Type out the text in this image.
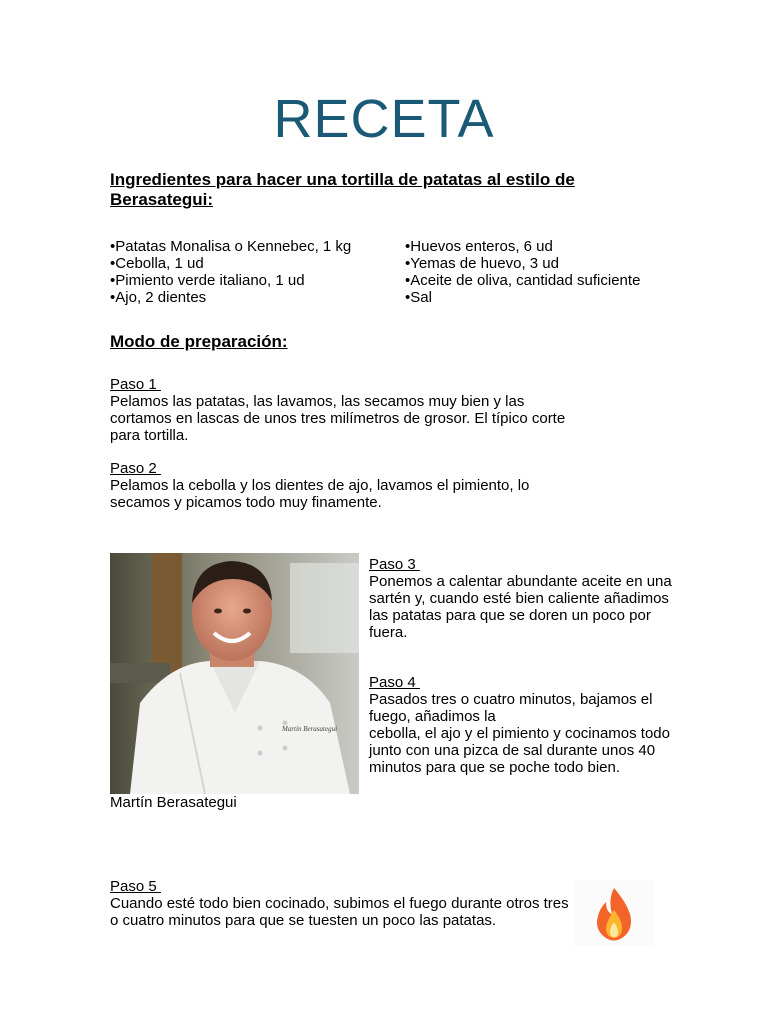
RECETA
Ingredientes para hacer una tortilla de patatas al estilo de Berasategui:
• Patatas Monalisa o Kennebec, 1 kg
• Cebolla, 1 ud
• Pimiento verde italiano, 1 ud
• Ajo, 2 dientes
• Huevos enteros, 6 ud
• Yemas de huevo, 3 ud
• Aceite de oliva, cantidad suficiente
• Sal
Modo de preparación:
Paso 1
Pelamos las patatas, las lavamos, las secamos muy bien y las cortamos en lascas de unos tres milímetros de grosor. El típico corte para tortilla.
Paso 2
Pelamos la cebolla y los dientes de ajo, lavamos el pimiento, lo secamos y picamos todo muy finamente.
Martín Berasategui
Martín Berasategui
Paso 3
Ponemos a calentar abundante aceite en una sartén y, cuando esté bien caliente añadimos las patatas para que se doren un poco por
fuera.
Paso 4
Pasados tres o cuatro minutos, bajamos el fuego, añadimos la
cebolla, el ajo y el pimiento y cocinamos todo junto con una pizca de sal durante unos 40 minutos para que se poche todo bien.
Paso 5
Cuando esté todo bien cocinado, subimos el fuego durante otros tres o cuatro minutos para que se tuesten un poco las patatas.
